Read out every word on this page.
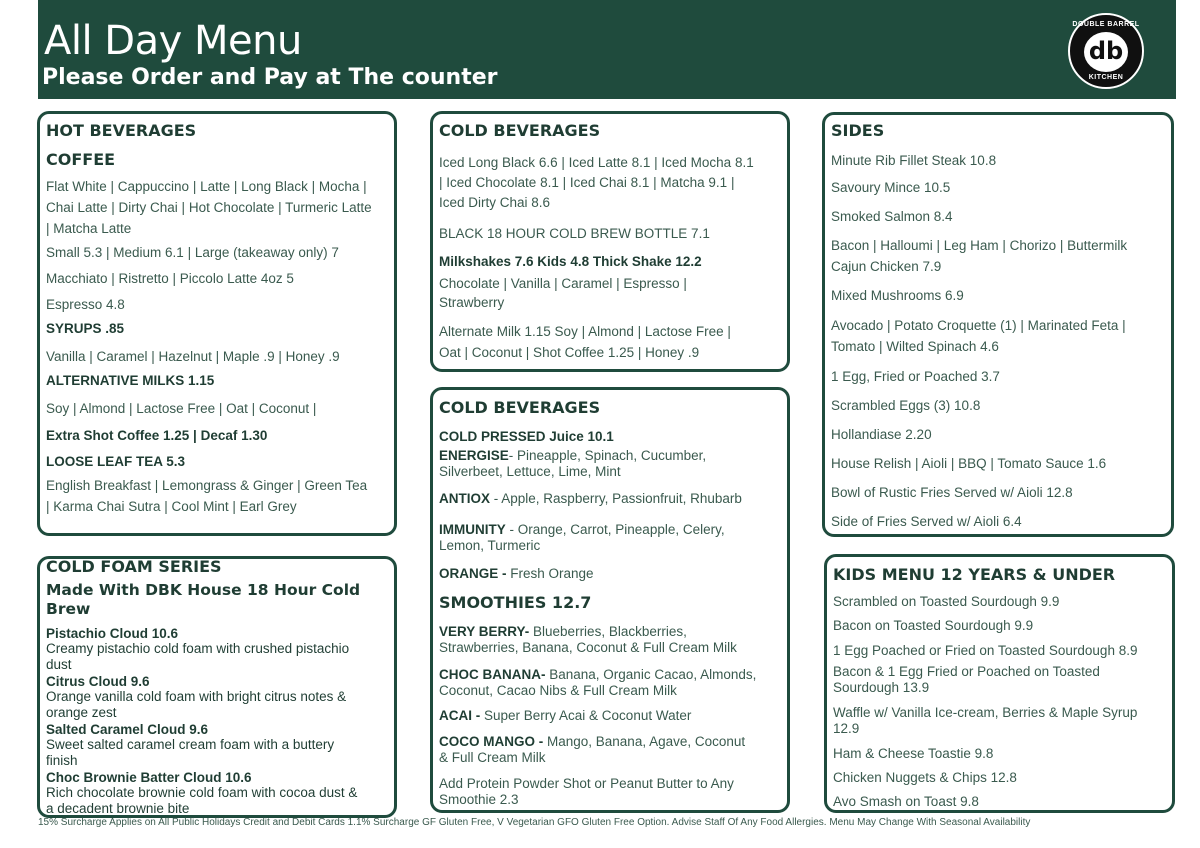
All Day Menu
Please Order and Pay at The counter
DOUBLE BARREL
db
KITCHEN
HOT BEVERAGES
COFFEE
Flat White | Cappuccino | Latte | Long Black | Mocha |
Chai Latte | Dirty Chai | Hot Chocolate | Turmeric Latte
| Matcha Latte
Small 5.3 | Medium 6.1 | Large (takeaway only) 7
Macchiato | Ristretto | Piccolo Latte 4oz 5
Espresso 4.8
SYRUPS .85
Vanilla | Caramel | Hazelnut | Maple .9 | Honey .9
ALTERNATIVE MILKS 1.15
Soy | Almond | Lactose Free | Oat | Coconut |
Extra Shot Coffee 1.25 | Decaf 1.30
LOOSE LEAF TEA 5.3
English Breakfast | Lemongrass & Ginger | Green Tea
| Karma Chai Sutra | Cool Mint | Earl Grey
COLD FOAM SERIES
Made With DBK House 18 Hour Cold
Brew
Pistachio Cloud 10.6
Creamy pistachio cold foam with crushed pistachio
dust
Citrus Cloud 9.6
Orange vanilla cold foam with bright citrus notes &
orange zest
Salted Caramel Cloud 9.6
Sweet salted caramel cream foam with a buttery
finish
Choc Brownie Batter Cloud 10.6
Rich chocolate brownie cold foam with cocoa dust &
a decadent brownie bite
COLD BEVERAGES
Iced Long Black 6.6 | Iced Latte 8.1 | Iced Mocha 8.1
| Iced Chocolate 8.1 | Iced Chai 8.1 | Matcha 9.1 |
Iced Dirty Chai 8.6
BLACK 18 HOUR COLD BREW BOTTLE 7.1
Milkshakes 7.6 Kids 4.8 Thick Shake 12.2
Chocolate | Vanilla | Caramel | Espresso |
Strawberry
Alternate Milk 1.15 Soy | Almond | Lactose Free |
Oat | Coconut | Shot Coffee 1.25 | Honey .9
COLD BEVERAGES
COLD PRESSED Juice 10.1
ENERGISE- Pineapple, Spinach, Cucumber,
Silverbeet, Lettuce, Lime, Mint
ANTIOX - Apple, Raspberry, Passionfruit, Rhubarb
IMMUNITY - Orange, Carrot, Pineapple, Celery,
Lemon, Turmeric
ORANGE - Fresh Orange
SMOOTHIES 12.7
VERY BERRY- Blueberries, Blackberries,
Strawberries, Banana, Coconut & Full Cream Milk
CHOC BANANA- Banana, Organic Cacao, Almonds,
Coconut, Cacao Nibs & Full Cream Milk
ACAI - Super Berry Acai & Coconut Water
COCO MANGO - Mango, Banana, Agave, Coconut
& Full Cream Milk
Add Protein Powder Shot or Peanut Butter to Any
Smoothie 2.3
SIDES
Minute Rib Fillet Steak 10.8
Savoury Mince 10.5
Smoked Salmon 8.4
Bacon | Halloumi | Leg Ham | Chorizo | Buttermilk
Cajun Chicken 7.9
Mixed Mushrooms 6.9
Avocado | Potato Croquette (1) | Marinated Feta |
Tomato | Wilted Spinach 4.6
1 Egg, Fried or Poached 3.7
Scrambled Eggs (3) 10.8
Hollandiase 2.20
House Relish | Aioli | BBQ | Tomato Sauce 1.6
Bowl of Rustic Fries Served w/ Aioli 12.8
Side of Fries Served w/ Aioli 6.4
KIDS MENU 12 YEARS & UNDER
Scrambled on Toasted Sourdough 9.9
Bacon on Toasted Sourdough 9.9
1 Egg Poached or Fried on Toasted Sourdough 8.9
Bacon & 1 Egg Fried or Poached on Toasted
Sourdough 13.9
Waffle w/ Vanilla Ice-cream, Berries & Maple Syrup
12.9
Ham & Cheese Toastie 9.8
Chicken Nuggets & Chips 12.8
Avo Smash on Toast 9.8
15% Surcharge Applies on All Public Holidays Credit and Debit Cards 1.1% Surcharge GF Gluten Free, V Vegetarian GFO Gluten Free Option. Advise Staff Of Any Food Allergies. Menu May Change With Seasonal Availability
